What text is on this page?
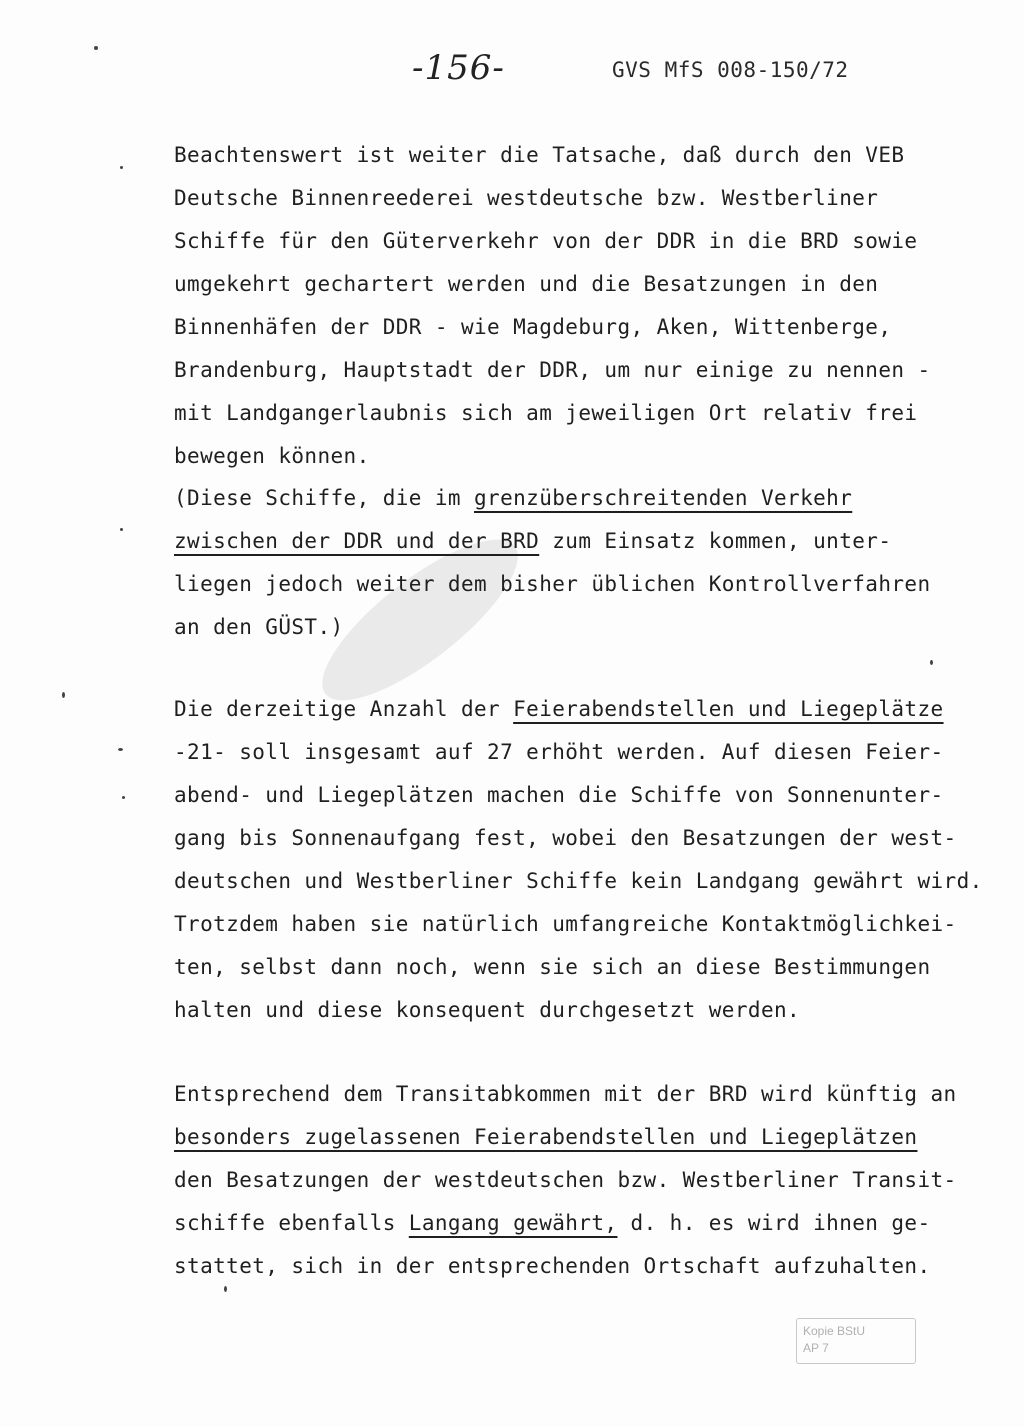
-156-	GVS MfS 008-150/72
Beachtenswert ist weiter die Tatsache, daß durch den VEB
Deutsche Binnenreederei westdeutsche bzw. Westberliner
Schiffe für den Güterverkehr von der DDR in die BRD sowie
umgekehrt gechartert werden und die Besatzungen in den
Binnenhäfen der DDR - wie Magdeburg, Aken, Wittenberge,
Brandenburg, Hauptstadt der DDR, um nur einige zu nennen -
mit Landgangerlaubnis sich am jeweiligen Ort relativ frei
bewegen können.
(Diese Schiffe, die im grenzüberschreitenden Verkehr
zwischen der DDR und der BRD zum Einsatz kommen, unter-
liegen jedoch weiter dem bisher üblichen Kontrollverfahren
an den GÜST.)
Die derzeitige Anzahl der Feierabendstellen und Liegeplätze
-21- soll insgesamt auf 27 erhöht werden. Auf diesen Feier-
abend- und Liegeplätzen machen die Schiffe von Sonnenunter-
gang bis Sonnenaufgang fest, wobei den Besatzungen der west-
deutschen und Westberliner Schiffe kein Landgang gewährt wird.
Trotzdem haben sie natürlich umfangreiche Kontaktmöglichkei-
ten, selbst dann noch, wenn sie sich an diese Bestimmungen
halten und diese konsequent durchgesetzt werden.
Entsprechend dem Transitabkommen mit der BRD wird künftig an
besonders zugelassenen Feierabendstellen und Liegeplätzen
den Besatzungen der westdeutschen bzw. Westberliner Transit-
schiffe ebenfalls Langang gewährt, d. h. es wird ihnen ge-
stattet, sich in der entsprechenden Ortschaft aufzuhalten.
Kopie BStU
AP 7
